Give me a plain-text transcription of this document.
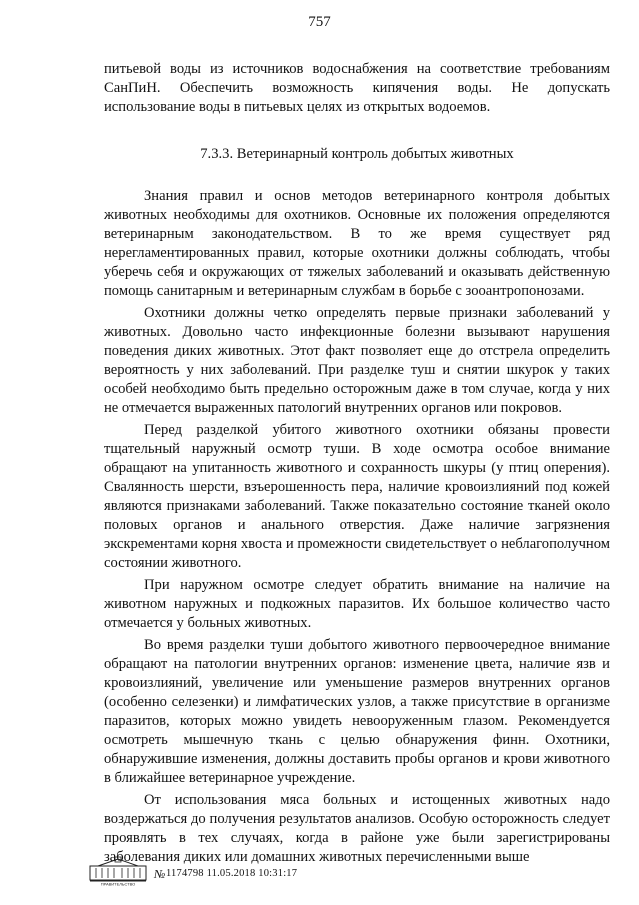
757

питьевой воды из источников водоснабжения на соответствие требованиям СанПиН. Обеспечить возможность кипячения воды. Не допускать использование воды в питьевых целях из открытых водоемов.

7.3.3. Ветеринарный контроль добытых животных

Знания правил и основ методов ветеринарного контроля добытых животных необходимы для охотников. Основные их положения определяются ветеринарным законодательством. В то же время существует ряд нерегламентированных правил, которые охотники должны соблюдать, чтобы уберечь себя и окружающих от тяжелых заболеваний и оказывать действенную помощь санитарным и ветеринарным службам в борьбе с зооантропонозами.

Охотники должны четко определять первые признаки заболеваний у животных. Довольно часто инфекционные болезни вызывают нарушения поведения диких животных. Этот факт позволяет еще до отстрела определить вероятность у них заболеваний. При разделке туш и снятии шкурок у таких особей необходимо быть предельно осторожным даже в том случае, когда у них не отмечается выраженных патологий внутренних органов или покровов.

Перед разделкой убитого животного охотники обязаны провести тщательный наружный осмотр туши. В ходе осмотра особое внимание обращают на упитанность животного и сохранность шкуры (у птиц оперения). Свалянность шерсти, взъерошенность пера, наличие кровоизлияний под кожей являются признаками заболеваний. Также показательно состояние тканей около половых органов и анального отверстия. Даже наличие загрязнения экскрементами корня хвоста и промежности свидетельствует о неблагополучном состоянии животного.

При наружном осмотре следует обратить внимание на наличие на животном наружных и подкожных паразитов. Их большое количество часто отмечается у больных животных.

Во время разделки туши добытого животного первоочередное внимание обращают на патологии внутренних органов: изменение цвета, наличие язв и кровоизлияний, увеличение или уменьшение размеров внутренних органов (особенно селезенки) и лимфатических узлов, а также присутствие в организме паразитов, которых можно увидеть невооруженным глазом. Рекомендуется осмотреть мышечную ткань с целью обнаружения финн. Охотники, обнаружившие изменения, должны доставить пробы органов и крови животного в ближайшее ветеринарное учреждение.

От использования мяса больных и истощенных животных надо воздержаться до получения результатов анализов. Особую осторожность следует проявлять в тех случаях, когда в районе уже были зарегистрированы заболевания диких или домашних животных перечисленными выше

ПРАВИТЕЛЬСТВО
№ 1174798 11.05.2018 10:31:17
